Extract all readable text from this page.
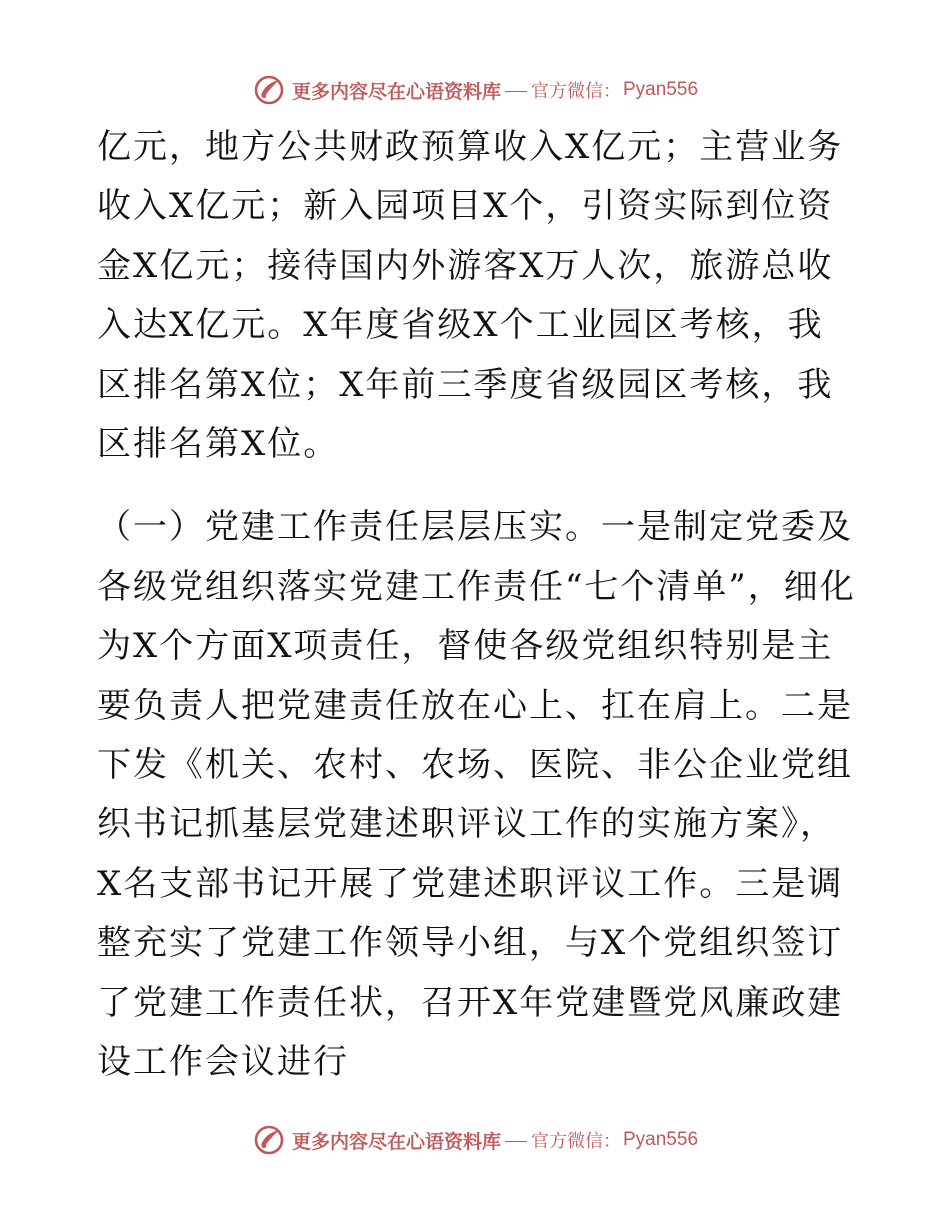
更多内容尽在心语资料库 官方微信： Pyan556

亿元，地方公共财政预算收入X亿元；主营业务收入X亿元；新入园项目X个，引资实际到位资金X亿元；接待国内外游客X万人次，旅游总收入达X亿元。X年度省级X个工业园区考核，我区排名第X位；X年前三季度省级园区考核，我区排名第X位。

（一）党建工作责任层层压实。一是制定党委及各级党组织落实党建工作责任“七个清单”，细化为X个方面X项责任，督使各级党组织特别是主要负责人把党建责任放在心上、扛在肩上。二是下发《机关、农村、农场、医院、非公企业党组织书记抓基层党建述职评议工作的实施方案》，X名支部书记开展了党建述职评议工作。三是调整充实了党建工作领导小组，与X个党组织签订了党建工作责任状，召开X年党建暨党风廉政建设工作会议进行

更多内容尽在心语资料库 官方微信： Pyan556
